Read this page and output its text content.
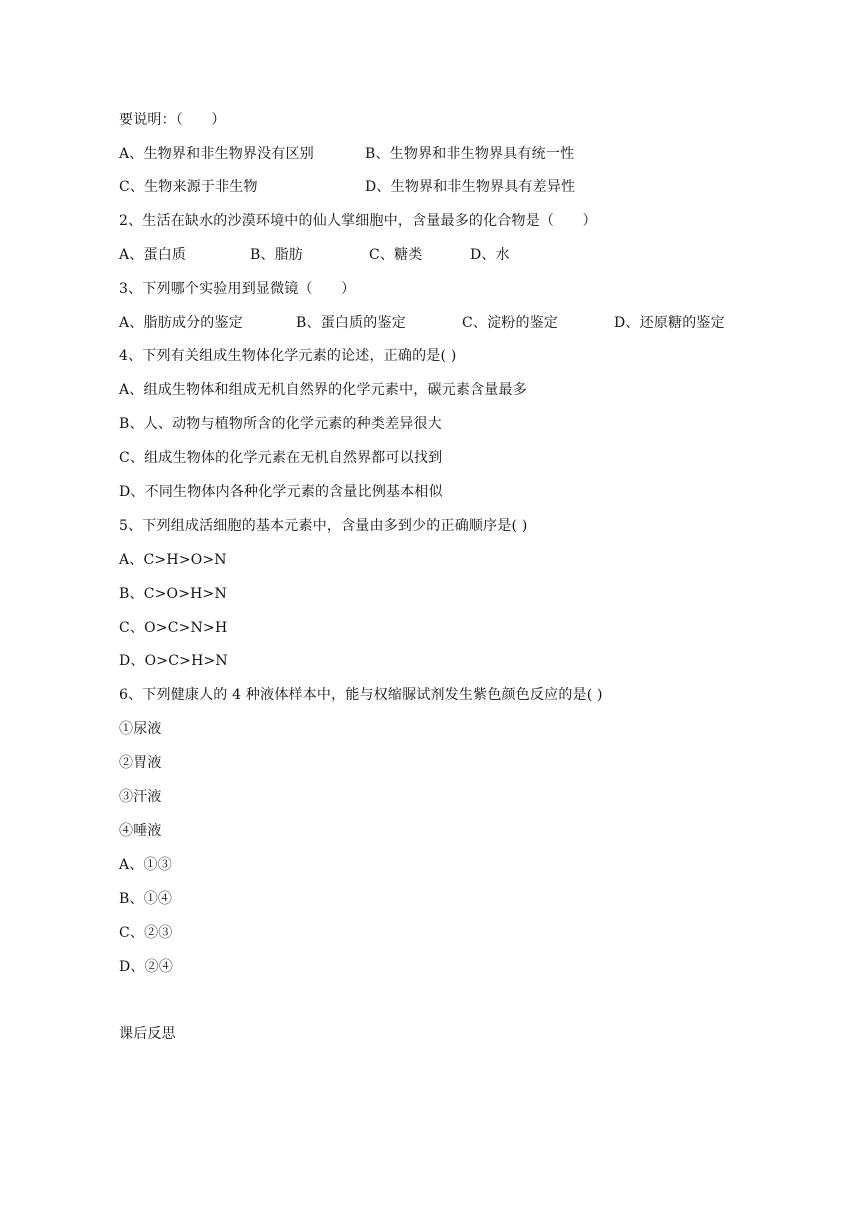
要说明：（　　）
A、生物界和非生物界没有区别	B、生物界和非生物界具有统一性
C、生物来源于非生物	D、生物界和非生物界具有差异性
2、生活在缺水的沙漠环境中的仙人掌细胞中，含量最多的化合物是（　　）
A、蛋白质	B、脂肪	C、糖类	D、水
3、下列哪个实验用到显微镜（　　）
A、脂肪成分的鉴定	B、蛋白质的鉴定	C、淀粉的鉴定	D、还原糖的鉴定
4、下列有关组成生物体化学元素的论述，正确的是( )
A、组成生物体和组成无机自然界的化学元素中，碳元素含量最多
B、人、动物与植物所含的化学元素的种类差异很大
C、组成生物体的化学元素在无机自然界都可以找到
D、不同生物体内各种化学元素的含量比例基本相似
5、下列组成活细胞的基本元素中，含量由多到少的正确顺序是( )
A、C>H>O>N
B、C>O>H>N
C、O>C>N>H
D、O>C>H>N
6、下列健康人的 4 种液体样本中，能与权缩脲试剂发生紫色颜色反应的是( )
①尿液
②胃液
③汗液
④唾液
A、①③
B、①④
C、②③
D、②④
课后反思
